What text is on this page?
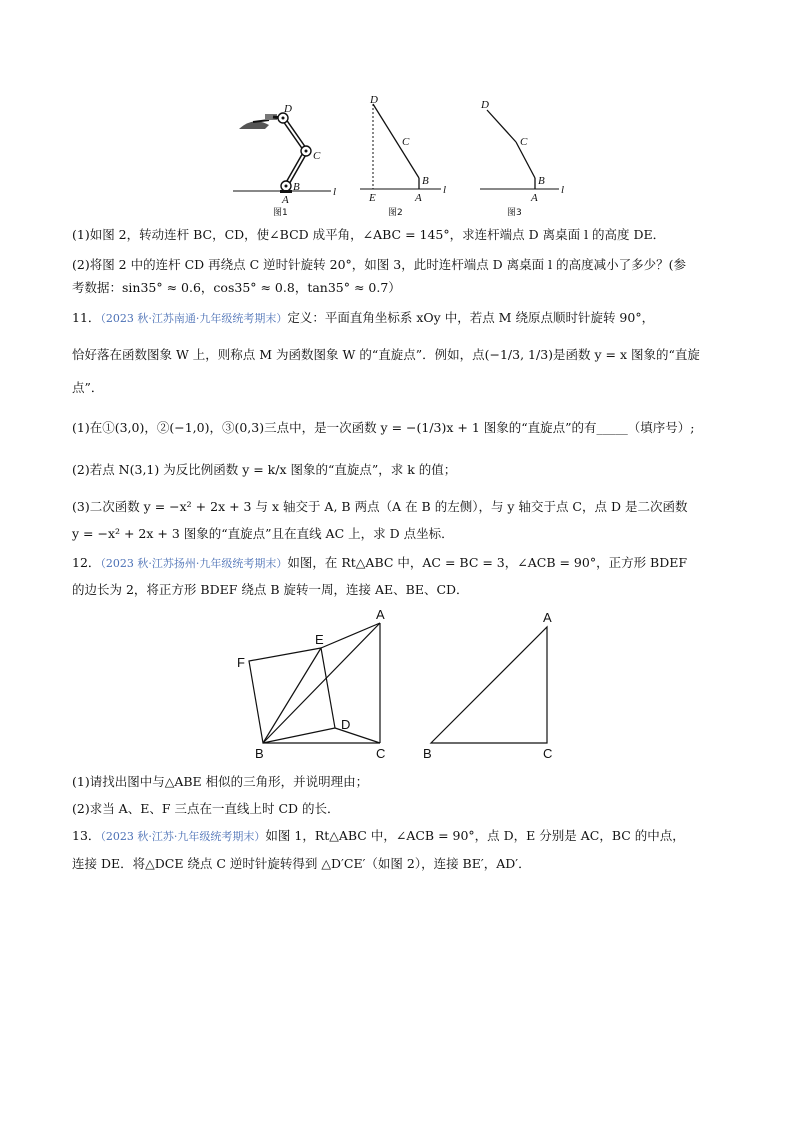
D
C
B
A
l
图1
D
C
B
E	A
l
图2
D
C
B
A
l
图3
(1)如图 2，转动连杆 BC，CD，使∠BCD 成平角，∠ABC = 145°，求连杆端点 D 离桌面 l 的高度 DE．
(2)将图 2 中的连杆 CD 再绕点 C 逆时针旋转 20°，如图 3，此时连杆端点 D 离桌面 l 的高度减小了多少？(参
考数据：sin35° ≈ 0.6，cos35° ≈ 0.8，tan35° ≈ 0.7）
11．（2023 秋·江苏南通·九年级统考期末）定义：平面直角坐标系 xOy 中，若点 M 绕原点顺时针旋转 90°，
恰好落在函数图象 W 上，则称点 M 为函数图象 W 的“直旋点”．例如，点(−1/3, 1/3)是函数 y = x 图象的“直旋
点”．
(1)在①(3,0)，②(−1,0)，③(0,3)三点中，是一次函数 y = −(1/3)x + 1 图象的“直旋点”的有_____（填序号）;
(2)若点 N(3,1) 为反比例函数 y = k/x 图象的“直旋点”，求 k 的值；
(3)二次函数 y = −x² + 2x + 3 与 x 轴交于 A, B 两点（A 在 B 的左侧），与 y 轴交于点 C，点 D 是二次函数
y = −x² + 2x + 3 图象的“直旋点”且在直线 AC 上，求 D 点坐标．
12．（2023 秋·江苏扬州·九年级统考期末）如图，在 Rt△ABC 中，AC = BC = 3，∠ACB = 90°，正方形 BDEF
的边长为 2，将正方形 BDEF 绕点 B 旋转一周，连接 AE、BE、CD．
A
E
F
D
B	C
A
B	C
(1)请找出图中与△ABE 相似的三角形，并说明理由；
(2)求当 A、E、F 三点在一直线上时 CD 的长．
13．（2023 秋·江苏·九年级统考期末）如图 1，Rt△ABC 中，∠ACB = 90°，点 D，E 分别是 AC，BC 的中点，
连接 DE．将△DCE 绕点 C 逆时针旋转得到 △D′CE′（如图 2），连接 BE′，AD′．
